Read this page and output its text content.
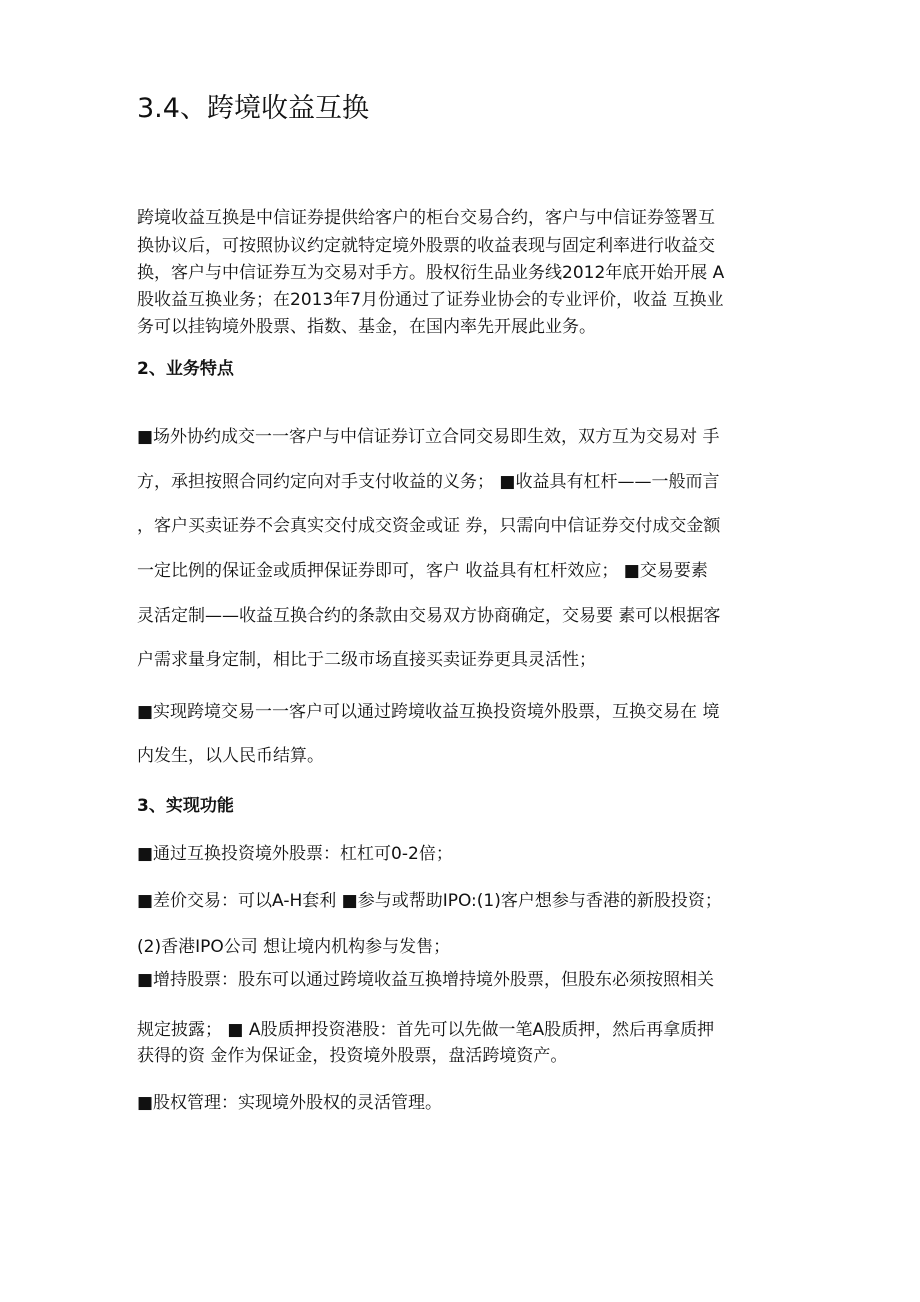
3.4、跨境收益互换

跨境收益互换是中信证券提供给客户的柜台交易合约，客户与中信证券签署互

换协议后，可按照协议约定就特定境外股票的收益表现与固定利率进行收益交

换，客户与中信证券互为交易对手方。股权衍生品业务线2012年底开始开展 A

股收益互换业务；在2013年7月份通过了证券业协会的专业评价，收益 互换业

务可以挂钩境外股票、指数、基金，在国内率先开展此业务。

2、业务特点

■场外协约成交一一客户与中信证券订立合同交易即生效，双方互为交易对 手

方，承担按照合同约定向对手支付收益的义务； ■收益具有杠杆——一般而言

，客户买卖证券不会真实交付成交资金或证 券，只需向中信证券交付成交金额

一定比例的保证金或质押保证券即可，客户 收益具有杠杆效应； ■交易要素

灵活定制——收益互换合约的条款由交易双方协商确定，交易要 素可以根据客

户需求量身定制，相比于二级市场直接买卖证券更具灵活性；

■实现跨境交易一一客户可以通过跨境收益互换投资境外股票，互换交易在 境

内发生，以人民币结算。

3、实现功能

■通过互换投资境外股票：杠杠可0-2倍；

■差价交易：可以A-H套利 ■参与或帮助IPO:(1)客户想参与香港的新股投资；

(2)香港IPO公司 想让境内机构参与发售；

■增持股票：股东可以通过跨境收益互换增持境外股票，但股东必须按照相关

规定披露； ■ A股质押投资港股：首先可以先做一笔A股质押，然后再拿质押

获得的资 金作为保证金，投资境外股票，盘活跨境资产。

■股权管理：实现境外股权的灵活管理。
